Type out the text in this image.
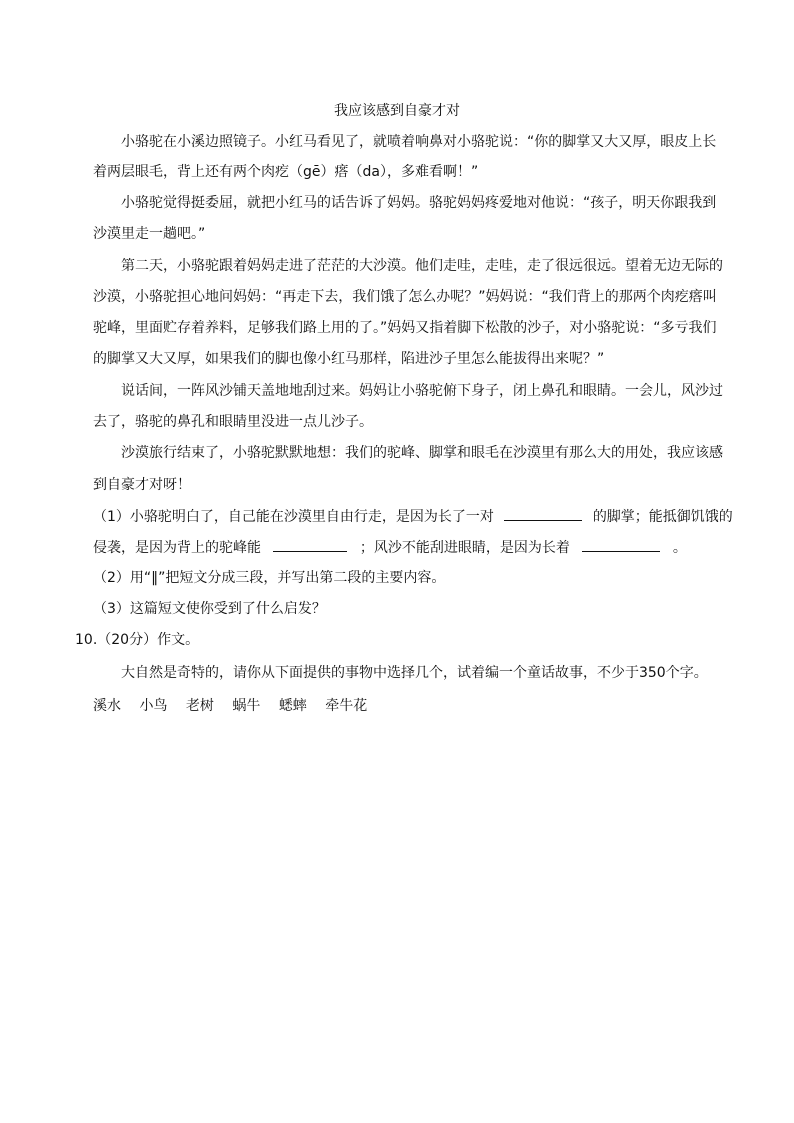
我应该感到自豪才对
小骆驼在小溪边照镜子。小红马看见了，就喷着响鼻对小骆驼说：“你的脚掌又大又厚，眼皮上长
着两层眼毛，背上还有两个肉疙（gē）瘩（da），多难看啊！”
小骆驼觉得挺委屈，就把小红马的话告诉了妈妈。骆驼妈妈疼爱地对他说：“孩子，明天你跟我到
沙漠里走一趟吧。”
第二天，小骆驼跟着妈妈走进了茫茫的大沙漠。他们走哇，走哇，走了很远很远。望着无边无际的
沙漠，小骆驼担心地问妈妈：“再走下去，我们饿了怎么办呢？”妈妈说：“我们背上的那两个肉疙瘩叫
驼峰，里面贮存着养料，足够我们路上用的了。”妈妈又指着脚下松散的沙子，对小骆驼说：“多亏我们
的脚掌又大又厚，如果我们的脚也像小红马那样，陷进沙子里怎么能拔得出来呢？”
说话间，一阵风沙铺天盖地地刮过来。妈妈让小骆驼俯下身子，闭上鼻孔和眼睛。一会儿，风沙过
去了，骆驼的鼻孔和眼睛里没进一点儿沙子。
沙漠旅行结束了，小骆驼默默地想：我们的驼峰、脚掌和眼毛在沙漠里有那么大的用处，我应该感
到自豪才对呀！
（1）小骆驼明白了，自己能在沙漠里自由行走，是因为长了一对	的脚掌；能抵御饥饿的
侵袭，是因为背上的驼峰能	；风沙不能刮进眼睛，是因为长着	。
（2）用“‖”把短文分成三段，并写出第二段的主要内容。
（3）这篇短文使你受到了什么启发？
10.（20分）作文。
大自然是奇特的，请你从下面提供的事物中选择几个，试着编一个童话故事，不少于350个字。
溪水 小鸟 老树 蜗牛 蟋蟀 牵牛花
